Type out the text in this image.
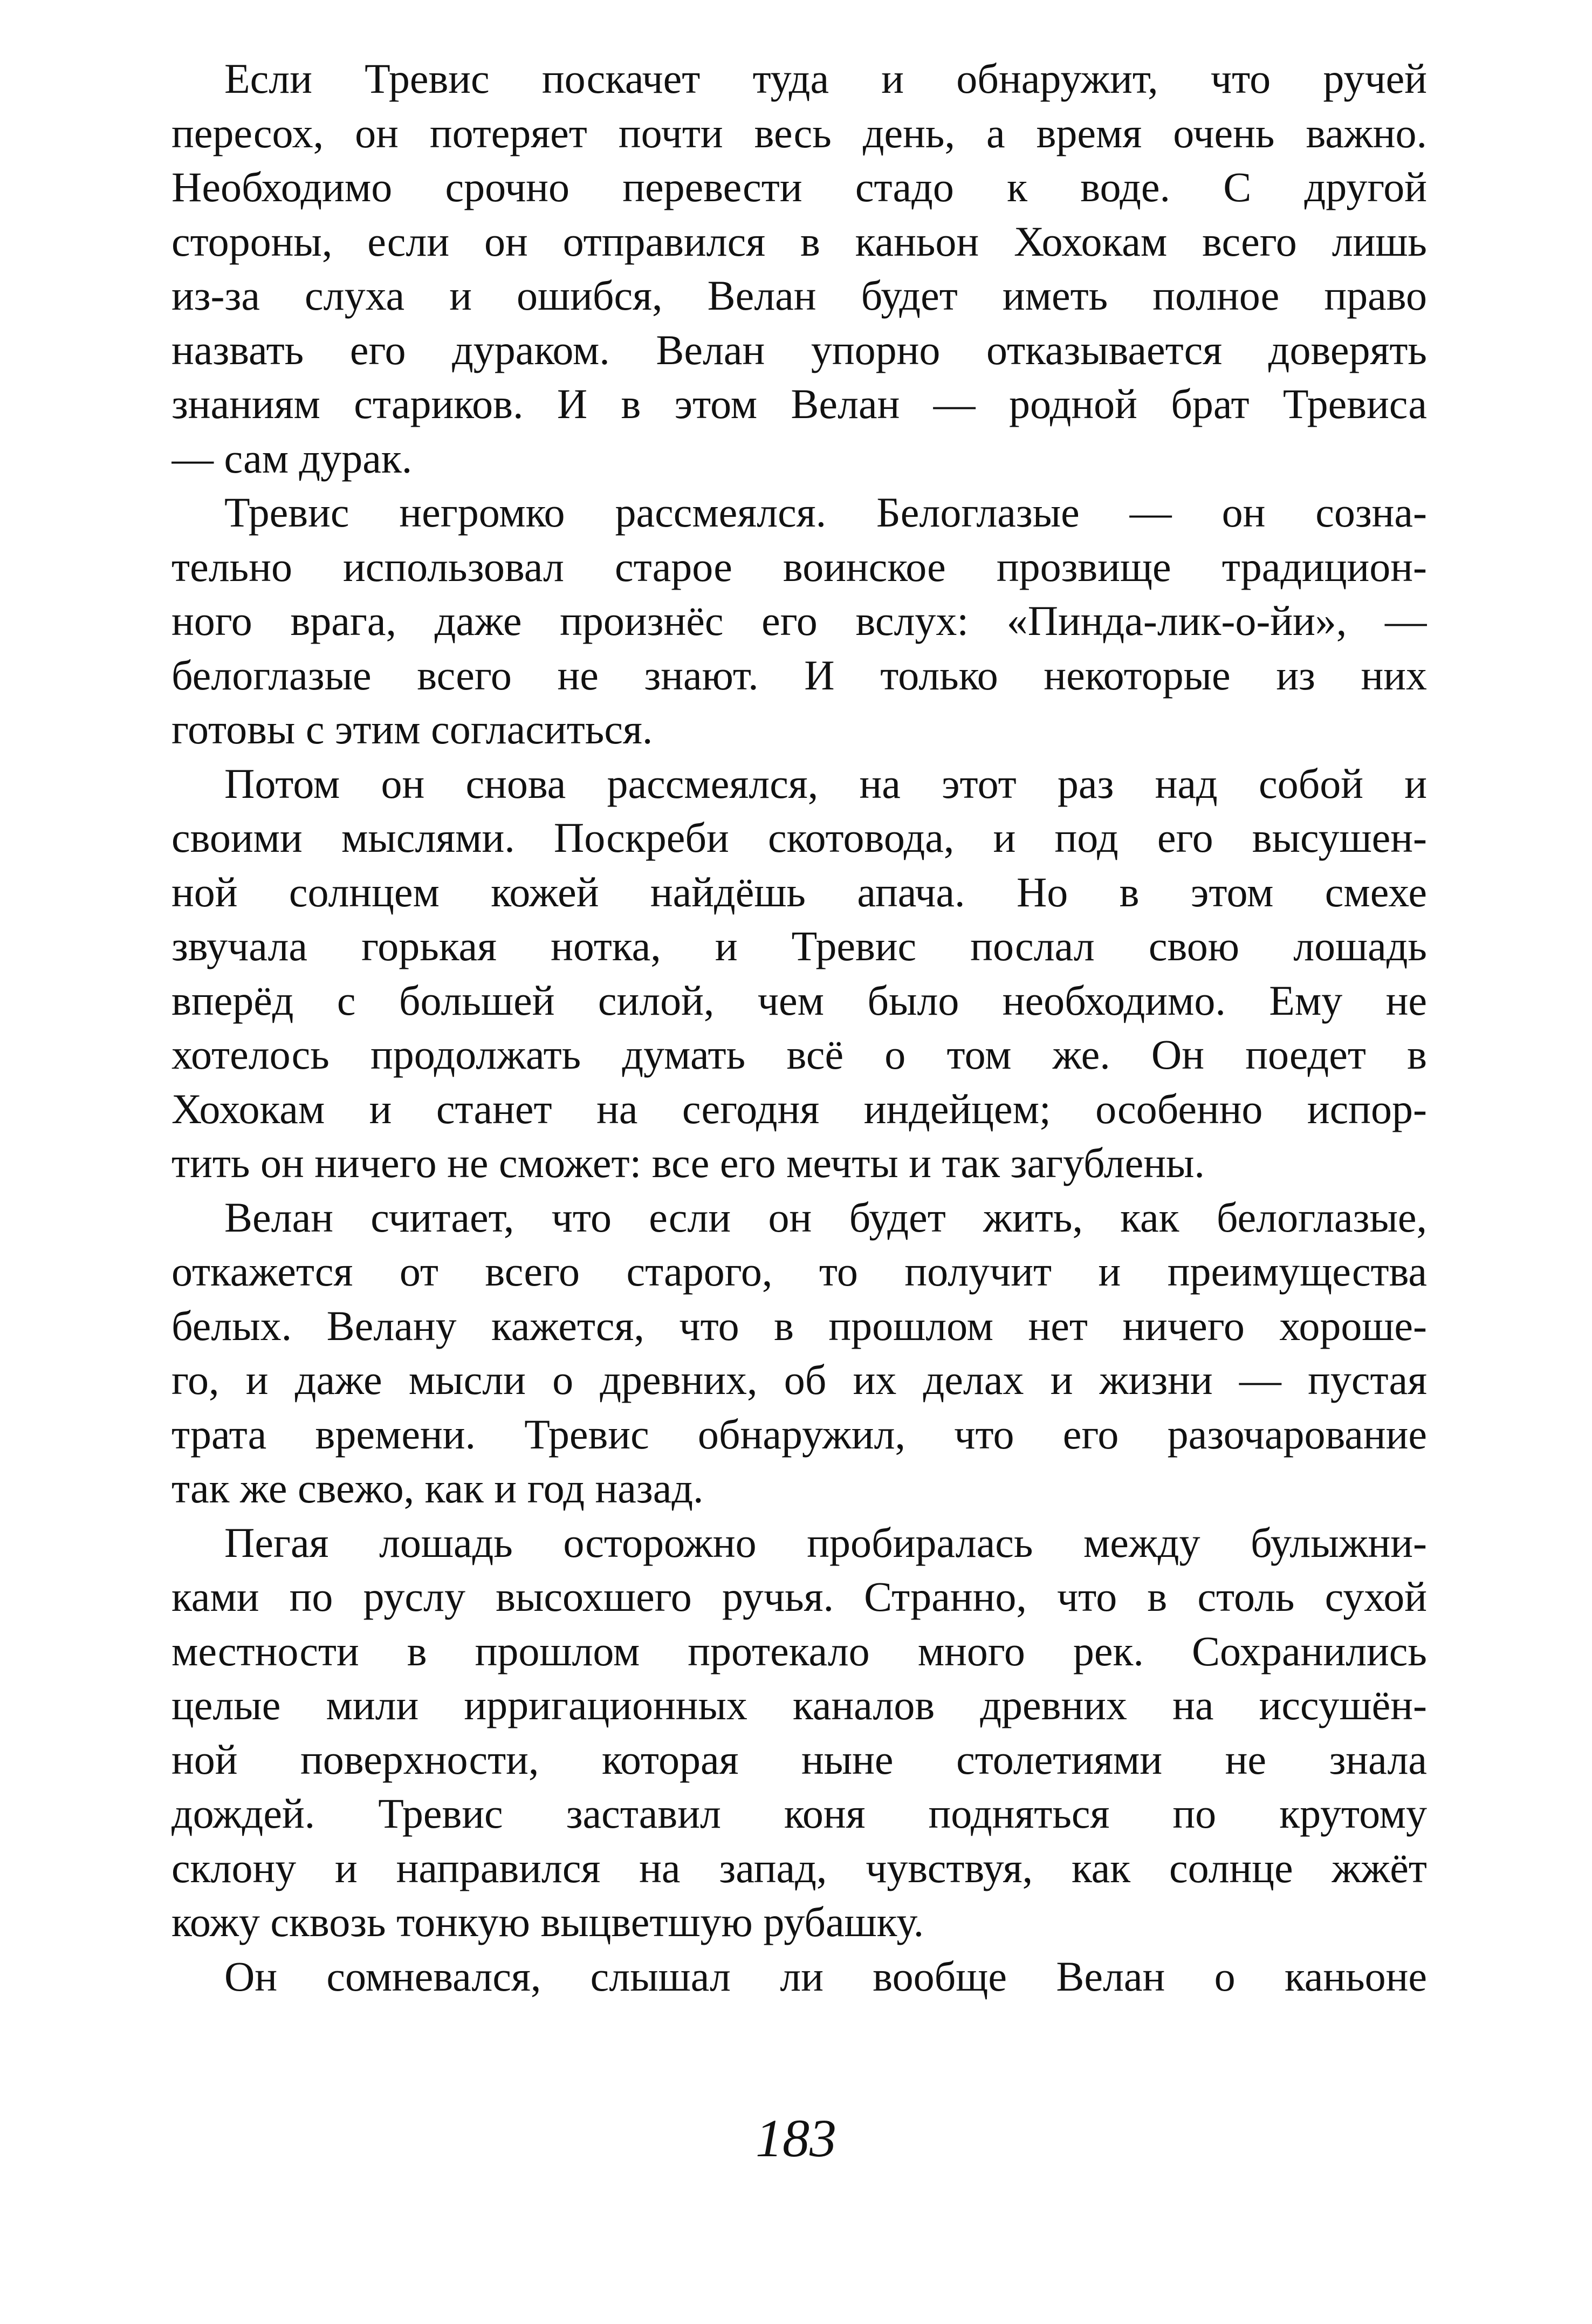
Если Тревис поскачет туда и обнаружит, что ручей
пересох, он потеряет почти весь день, а время очень важно.
Необходимо срочно перевести стадо к воде. С другой
стороны, если он отправился в каньон Хохокам всего лишь
из-за слуха и ошибся, Велан будет иметь полное право
назвать его дураком. Велан упорно отказывается доверять
знаниям стариков. И в этом Велан — родной брат Тревиса
— сам дурак.
Тревис негромко рассмеялся. Белоглазые — он созна-
тельно использовал старое воинское прозвище традицион-
ного врага, даже произнёс его вслух: «Пинда-лик-о-йи», —
белоглазые всего не знают. И только некоторые из них
готовы с этим согласиться.
Потом он снова рассмеялся, на этот раз над собой и
своими мыслями. Поскреби скотовода, и под его высушен-
ной солнцем кожей найдёшь апача. Но в этом смехе
звучала горькая нотка, и Тревис послал свою лошадь
вперёд с большей силой, чем было необходимо. Ему не
хотелось продолжать думать всё о том же. Он поедет в
Хохокам и станет на сегодня индейцем; особенно испор-
тить он ничего не сможет: все его мечты и так загублены.
Велан считает, что если он будет жить, как белоглазые,
откажется от всего старого, то получит и преимущества
белых. Велану кажется, что в прошлом нет ничего хороше-
го, и даже мысли о древних, об их делах и жизни — пустая
трата времени. Тревис обнаружил, что его разочарование
так же свежо, как и год назад.
Пегая лошадь осторожно пробиралась между булыжни-
ками по руслу высохшего ручья. Странно, что в столь сухой
местности в прошлом протекало много рек. Сохранились
целые мили ирригационных каналов древних на иссушён-
ной поверхности, которая ныне столетиями не знала
дождей. Тревис заставил коня подняться по крутому
склону и направился на запад, чувствуя, как солнце жжёт
кожу сквозь тонкую выцветшую рубашку.
Он сомневался, слышал ли вообще Велан о каньоне
183
